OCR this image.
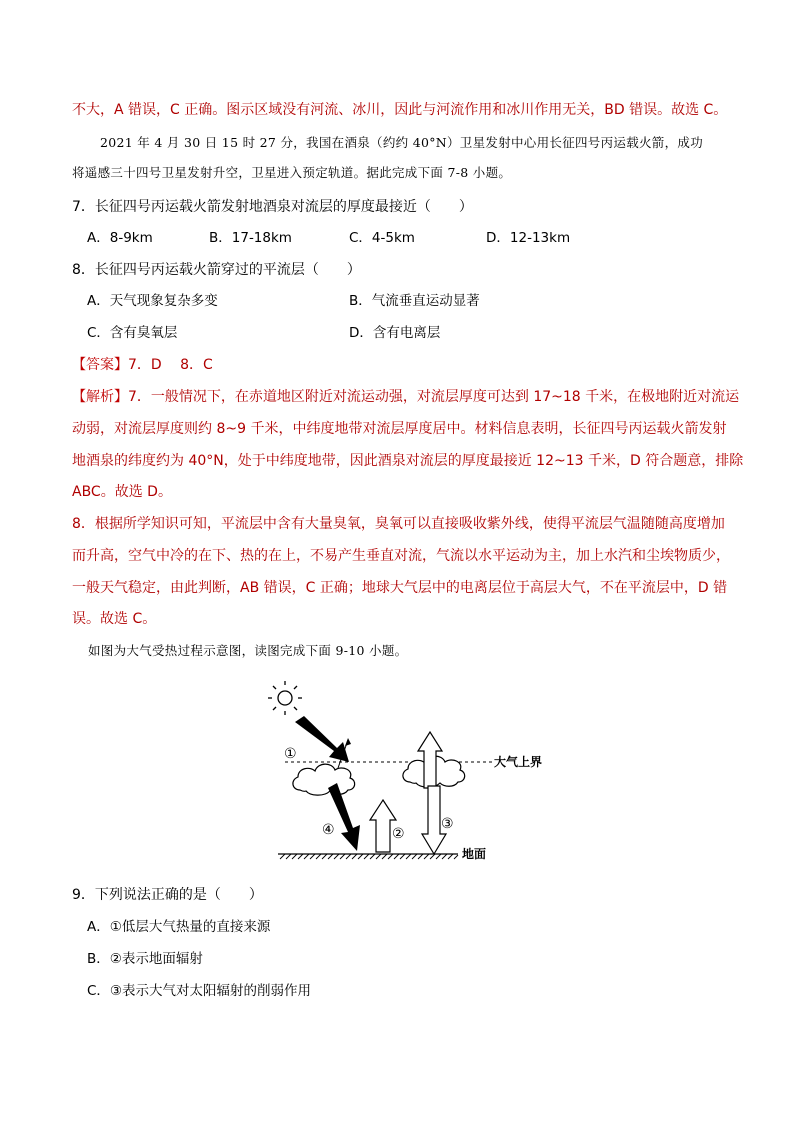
不大，A 错误，C 正确。图示区域没有河流、冰川，因此与河流作用和冰川作用无关，BD 错误。故选 C。
2021 年 4 月 30 日 15 时 27 分，我国在酒泉（约约 40°N）卫星发射中心用长征四号丙运载火箭，成功
将遥感三十四号卫星发射升空，卫星进入预定轨道。据此完成下面 7-8 小题。
7．长征四号丙运载火箭发射地酒泉对流层的厚度最接近（　　）
A．8-9km	B．17-18km	C．4-5km	D．12-13km
8．长征四号丙运载火箭穿过的平流层（　　）
A．天气现象复杂多变	B．气流垂直运动显著
C．含有臭氧层	D．含有电离层
【答案】7．D　 8．C
【解析】7．一般情况下，在赤道地区附近对流运动强，对流层厚度可达到 17~18 千米，在极地附近对流运
动弱，对流层厚度则约 8~9 千米，中纬度地带对流层厚度居中。材料信息表明，长征四号丙运载火箭发射
地酒泉的纬度约为 40°N，处于中纬度地带，因此酒泉对流层的厚度最接近 12~13 千米，D 符合题意，排除
ABC。故选 D。
8．根据所学知识可知，平流层中含有大量臭氧，臭氧可以直接吸收紫外线，使得平流层气温随随高度增加
而升高，空气中冷的在下、热的在上，不易产生垂直对流，气流以水平运动为主，加上水汽和尘埃物质少，
一般天气稳定，由此判断，AB 错误，C 正确；地球大气层中的电离层位于高层大气，不在平流层中，D 错
误。故选 C。
如图为大气受热过程示意图，读图完成下面 9-10 小题。
大气上界
①
④	②
③
地面
9．下列说法正确的是（　　）
A．①低层大气热量的直接来源
B．②表示地面辐射
C．③表示大气对太阳辐射的削弱作用
